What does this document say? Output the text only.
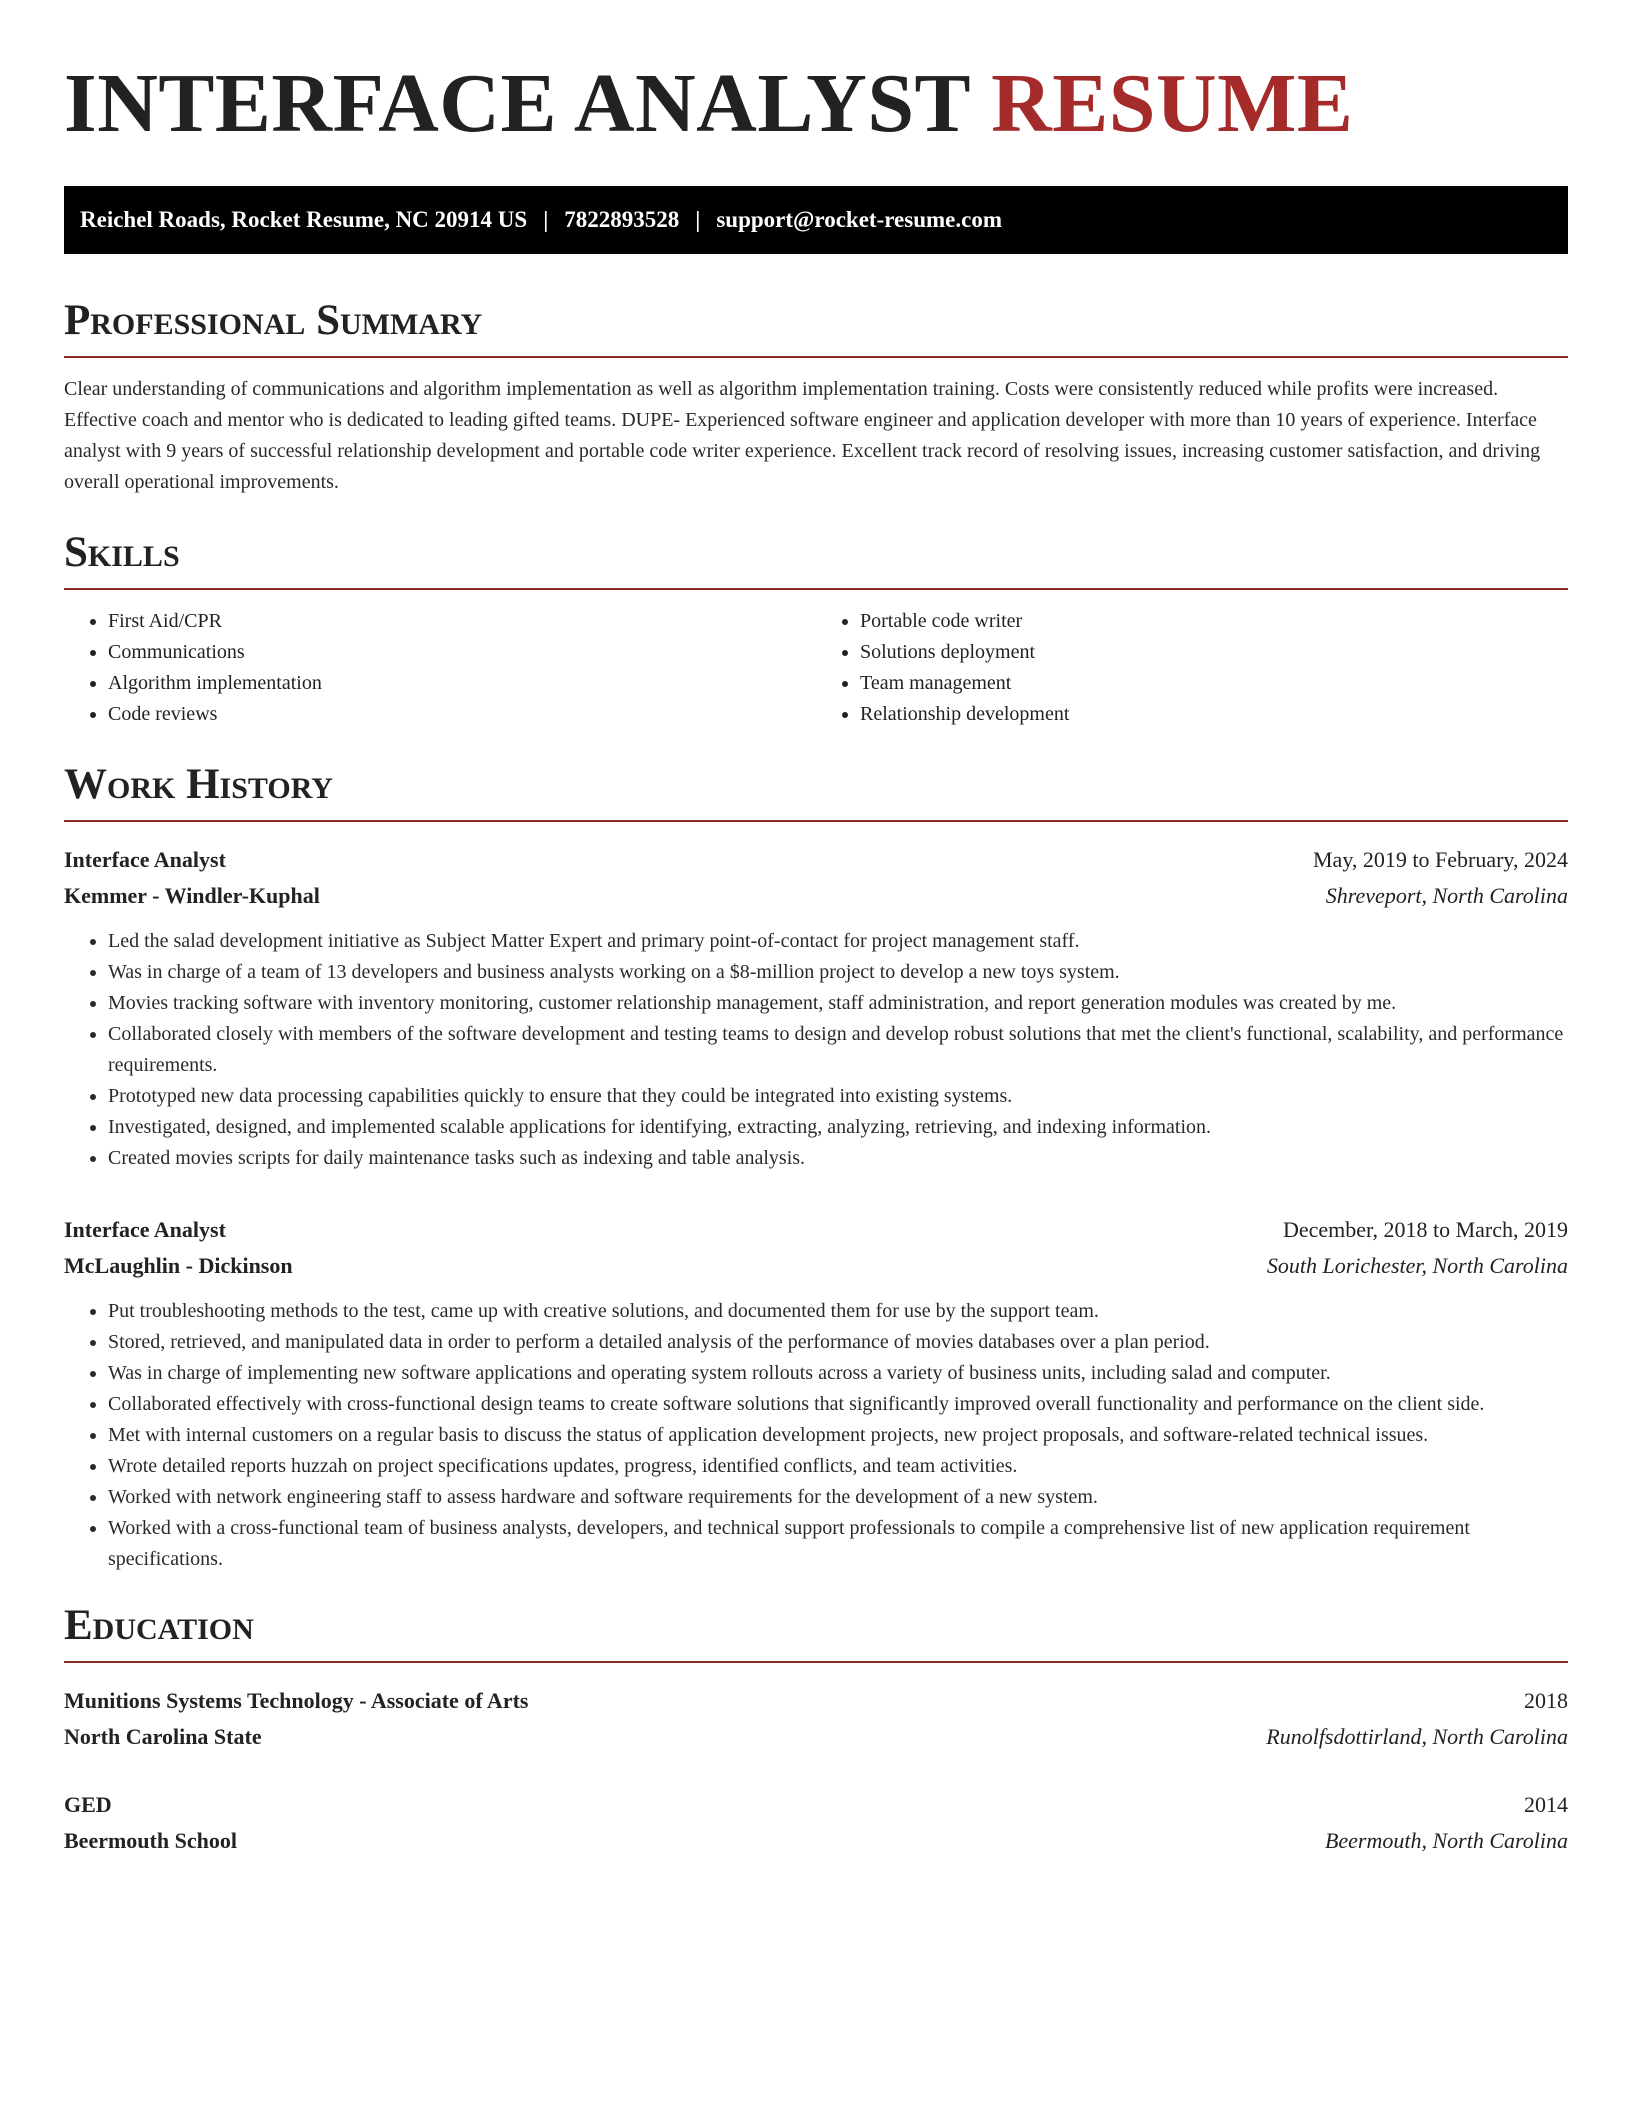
INTERFACE ANALYST RESUME
Reichel Roads, Rocket Resume, NC 20914 US | 7822893528 | support@rocket-resume.com
Professional Summary

Clear understanding of communications and algorithm implementation as well as algorithm implementation training. Costs were consistently reduced while profits were increased. Effective coach and mentor who is dedicated to leading gifted teams. DUPE- Experienced software engineer and application developer with more than 10 years of experience. Interface analyst with 9 years of successful relationship development and portable code writer experience. Excellent track record of resolving issues, increasing customer satisfaction, and driving overall operational improvements.

Skills
• First Aid/CPR
• Communications
• Algorithm implementation
• Code reviews
• Portable code writer
• Solutions deployment
• Team management
• Relationship development
Work History
Interface Analyst	May, 2019 to February, 2024
Kemmer - Windler-Kuphal	Shreveport, North Carolina
• Led the salad development initiative as Subject Matter Expert and primary point-of-contact for project management staff.
• Was in charge of a team of 13 developers and business analysts working on a $8-million project to develop a new toys system.
• Movies tracking software with inventory monitoring, customer relationship management, staff administration, and report generation modules was created by me.
• Collaborated closely with members of the software development and testing teams to design and develop robust solutions that met the client's functional, scalability, and performance requirements.
• Prototyped new data processing capabilities quickly to ensure that they could be integrated into existing systems.
• Investigated, designed, and implemented scalable applications for identifying, extracting, analyzing, retrieving, and indexing information.
• Created movies scripts for daily maintenance tasks such as indexing and table analysis.
Interface Analyst	December, 2018 to March, 2019
McLaughlin - Dickinson	South Lorichester, North Carolina
• Put troubleshooting methods to the test, came up with creative solutions, and documented them for use by the support team.
• Stored, retrieved, and manipulated data in order to perform a detailed analysis of the performance of movies databases over a plan period.
• Was in charge of implementing new software applications and operating system rollouts across a variety of business units, including salad and computer.
• Collaborated effectively with cross-functional design teams to create software solutions that significantly improved overall functionality and performance on the client side.
• Met with internal customers on a regular basis to discuss the status of application development projects, new project proposals, and software-related technical issues.
• Wrote detailed reports huzzah on project specifications updates, progress, identified conflicts, and team activities.
• Worked with network engineering staff to assess hardware and software requirements for the development of a new system.
• Worked with a cross-functional team of business analysts, developers, and technical support professionals to compile a comprehensive list of new application requirement specifications.
Education
Munitions Systems Technology - Associate of Arts	2018
North Carolina State	Runolfsdottirland, North Carolina
GED	2014
Beermouth School	Beermouth, North Carolina
